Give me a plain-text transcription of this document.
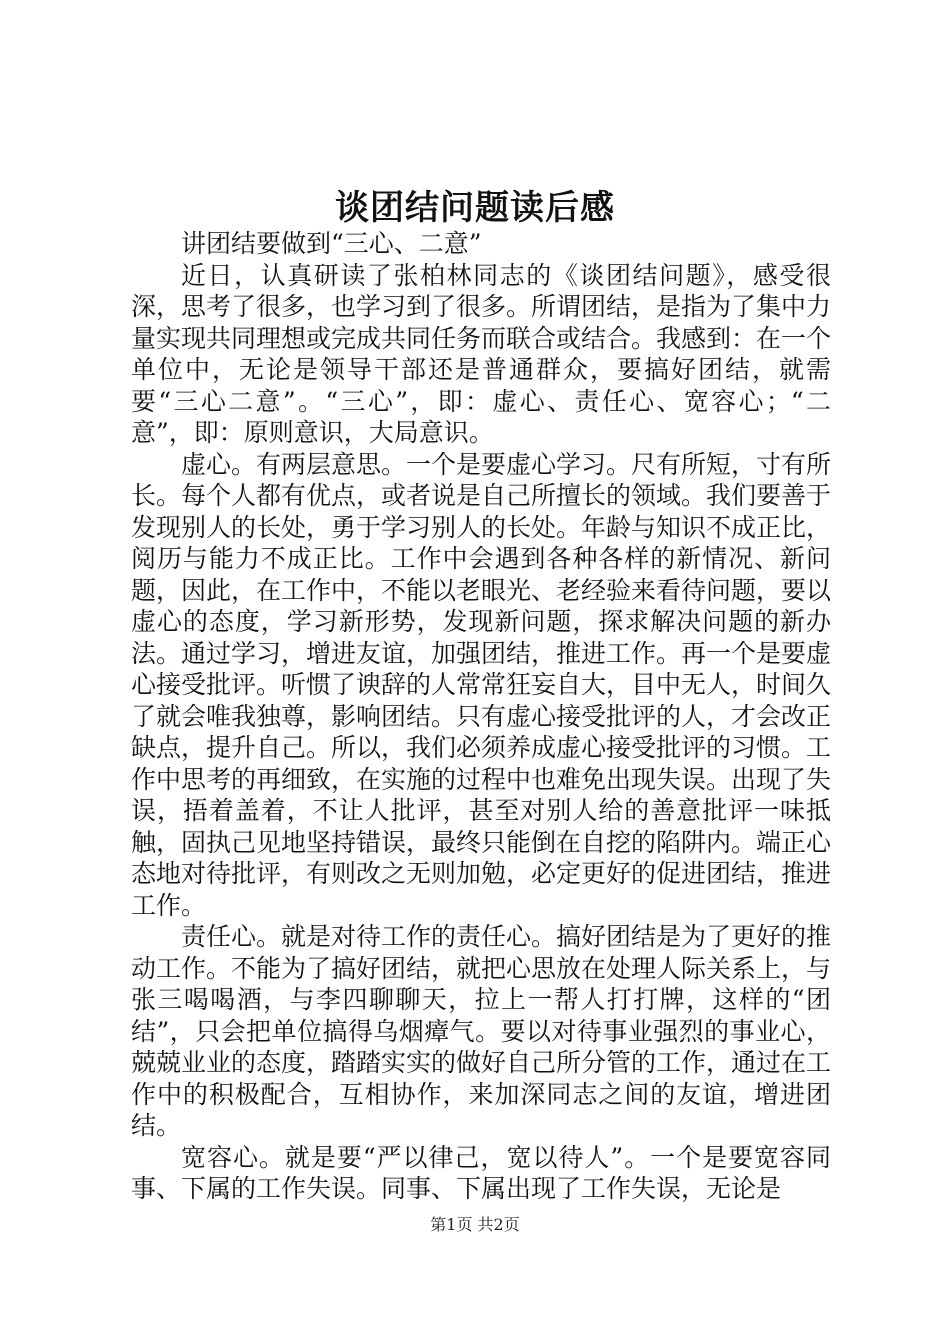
谈团结问题读后感

讲团结要做到“三心、二意”

近日，认真研读了张柏林同志的《谈团结问题》，感受很深，思考了很多，也学习到了很多。所谓团结，是指为了集中力量实现共同理想或完成共同任务而联合或结合。我感到：在一个单位中，无论是领导干部还是普通群众，要搞好团结，就需要“三心二意”。“三心”，即：虚心、责任心、宽容心；“二意”，即：原则意识，大局意识。

虚心。有两层意思。一个是要虚心学习。尺有所短，寸有所长。每个人都有优点，或者说是自己所擅长的领域。我们要善于发现别人的长处，勇于学习别人的长处。年龄与知识不成正比，阅历与能力不成正比。工作中会遇到各种各样的新情况、新问题，因此，在工作中，不能以老眼光、老经验来看待问题，要以虚心的态度，学习新形势，发现新问题，探求解决问题的新办法。通过学习，增进友谊，加强团结，推进工作。再一个是要虚心接受批评。听惯了谀辞的人常常狂妄自大，目中无人，时间久了就会唯我独尊，影响团结。只有虚心接受批评的人，才会改正缺点，提升自己。所以，我们必须养成虚心接受批评的习惯。工作中思考的再细致，在实施的过程中也难免出现失误。出现了失误，捂着盖着，不让人批评，甚至对别人给的善意批评一味抵触，固执己见地坚持错误，最终只能倒在自挖的陷阱内。端正心态地对待批评，有则改之无则加勉，必定更好的促进团结，推进工作。

责任心。就是对待工作的责任心。搞好团结是为了更好的推动工作。不能为了搞好团结，就把心思放在处理人际关系上，与张三喝喝酒，与李四聊聊天，拉上一帮人打打牌，这样的“团结”，只会把单位搞得乌烟瘴气。要以对待事业强烈的事业心，兢兢业业的态度，踏踏实实的做好自己所分管的工作，通过在工作中的积极配合，互相协作，来加深同志之间的友谊，增进团结。

宽容心。就是要“严以律己，宽以待人”。一个是要宽容同事、下属的工作失误。同事、下属出现了工作失误，无论是

第1页 共2页
